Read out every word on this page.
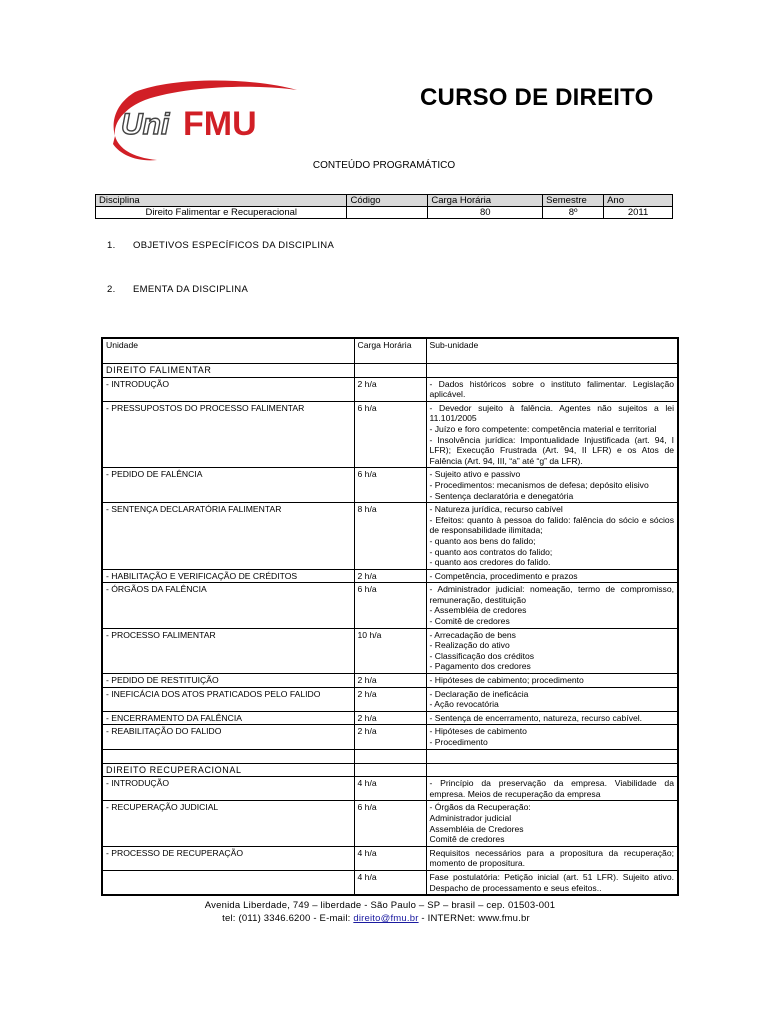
Uni FMU
CURSO DE DIREITO
CONTEÚDO PROGRAMÁTICO
Disciplina	Código	Carga Horária	Semestre	Ano
Direito Falimentar e Recuperacional		80	8º	2011
1. OBJETIVOS ESPECÍFICOS DA DISCIPLINA
2. EMENTA DA DISCIPLINA
Unidade	Carga Horária	Sub-unidade
DIREITO FALIMENTAR		
- INTRODUÇÃO	2 h/a	- Dados históricos sobre o instituto falimentar. Legislação aplicável.

- PRESSUPOSTOS DO PROCESSO FALIMENTAR	6 h/a	- Devedor sujeito à falência. Agentes não sujeitos a lei 11.101/2005
- Juízo e foro competente: competência material e territorial
- Insolvência jurídica: Impontualidade Injustificada (art. 94, I LFR); Execução Frustrada (Art. 94, II LFR) e os Atos de Falência (Art. 94, III, “a” até “g” da LFR).

- PEDIDO DE FALÊNCIA	6 h/a	- Sujeito ativo e passivo
- Procedimentos: mecanismos de defesa; depósito elisivo
- Sentença declaratória e denegatória

- SENTENÇA DECLARATÓRIA FALIMENTAR	8 h/a	- Natureza jurídica, recurso cabível
- Efeitos: quanto à pessoa do falido: falência do sócio e sócios de responsabilidade ilimitada;
- quanto aos bens do falido;
- quanto aos contratos do falido;
- quanto aos credores do falido.

- HABILITAÇÃO E VERIFICAÇÃO DE CRÉDITOS	2 h/a	- Competência, procedimento e prazos

- ÓRGÃOS DA FALÊNCIA	6 h/a	- Administrador judicial: nomeação, termo de compromisso, remuneração, destituição
- Assembléia de credores
- Comitê de credores

- PROCESSO FALIMENTAR	10 h/a	- Arrecadação de bens
- Realização do ativo
- Classificação dos créditos
- Pagamento dos credores

- PEDIDO DE RESTITUIÇÃO	2 h/a	- Hipóteses de cabimento; procedimento

- INEFICÁCIA DOS ATOS PRATICADOS PELO FALIDO	2 h/a	- Declaração de ineficácia
- Ação revocatória

- ENCERRAMENTO DA FALÊNCIA	2 h/a	- Sentença de encerramento, natureza, recurso cabível.

- REABILITAÇÃO DO FALIDO	2 h/a	- Hipóteses de cabimento
- Procedimento

DIREITO RECUPERACIONAL		
- INTRODUÇÃO	4 h/a	- Princípio da preservação da empresa. Viabilidade da empresa. Meios de recuperação da empresa

- RECUPERAÇÃO JUDICIAL	6 h/a	- Órgãos da Recuperação:
Administrador judicial
Assembléia de Credores
Comitê de credores

- PROCESSO DE RECUPERAÇÃO	4 h/a	Requisitos necessários para a propositura da recuperação; momento de propositura.

	4 h/a	Fase postulatória: Petição inicial (art. 51 LFR). Sujeito ativo. Despacho de processamento e seus efeitos..
Avenida Liberdade, 749 – liberdade - São Paulo – SP – brasil – cep. 01503-001
tel: (011) 3346.6200 - E-mail: direito@fmu.br - INTERNet: www.fmu.br
